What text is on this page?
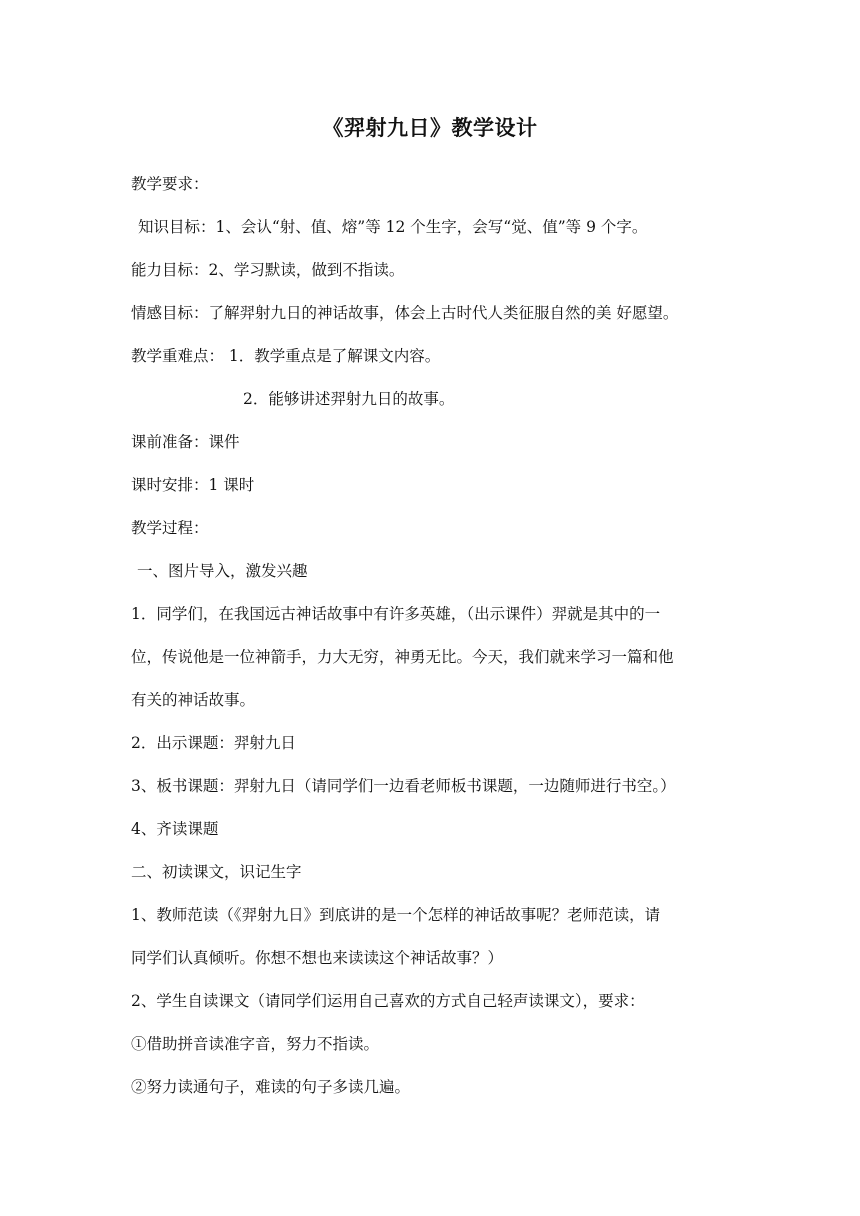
《羿射九日》教学设计
教学要求：
知识目标：1、会认“射、值、熔”等 12 个生字，会写“觉、值”等 9 个字。
能力目标：2、学习默读，做到不指读。
情感目标：了解羿射九日的神话故事，体会上古时代人类征服自然的美 好愿望。
教学重难点： 1．教学重点是了解课文内容。
2．能够讲述羿射九日的故事。
课前准备：课件
课时安排：1 课时
教学过程：
一、图片导入，激发兴趣
1．同学们，在我国远古神话故事中有许多英雄，（出示课件）羿就是其中的一
位，传说他是一位神箭手，力大无穷，神勇无比。今天，我们就来学习一篇和他
有关的神话故事。
2．出示课题：羿射九日
3、板书课题：羿射九日（请同学们一边看老师板书课题，一边随师进行书空。）
4、齐读课题
二、初读课文，识记生字
1、教师范读（《羿射九日》到底讲的是一个怎样的神话故事呢？老师范读，请
同学们认真倾听。你想不想也来读读这个神话故事？）
2、学生自读课文（请同学们运用自己喜欢的方式自己轻声读课文），要求：
①借助拼音读准字音，努力不指读。
②努力读通句子，难读的句子多读几遍。
